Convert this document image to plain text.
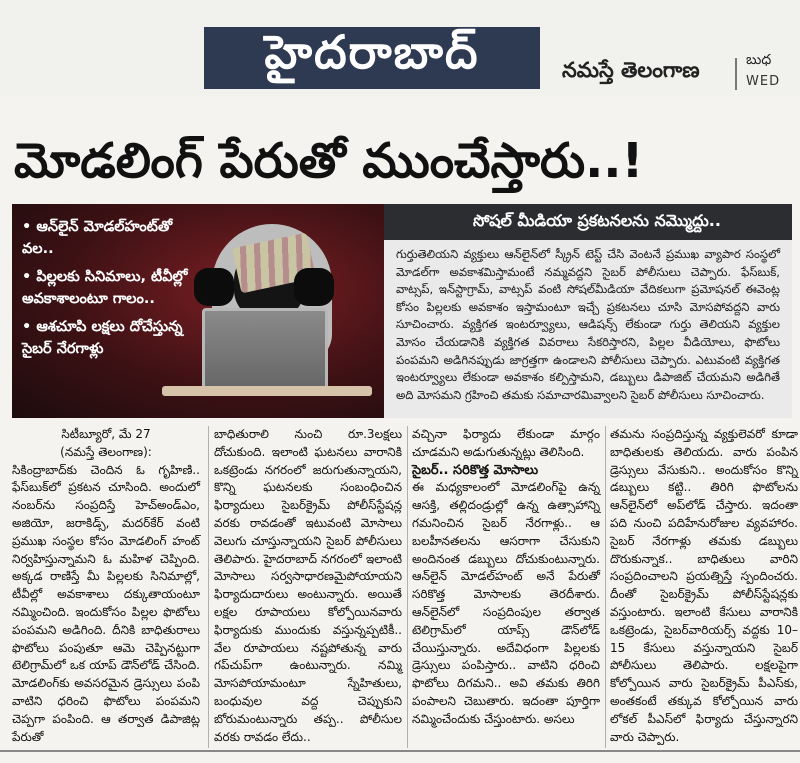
హైదరాబాద్	నమస్తే తెలంగాణ	బుధ
WED
మోడలింగ్ పేరుతో ముంచేస్తారు..!

• ఆన్‌లైన్ మోడల్‌హంట్‌తో వల..

• పిల్లలకు సినిమాలు, టీవీల్లో అవకాశాలంటూ గాలం..

• ఆశచూపి లక్షలు దోచేస్తున్న సైబర్ నేరగాళ్లు

సోషల్ మీడియా ప్రకటనలను నమ్మొద్దు..
గుర్తుతెలియని వ్యక్తులు ఆన్‌లైన్‌లో స్క్రీన్ టెస్ట్ చేసి వెంటనే ప్రముఖ వ్యాపార సంస్థలో మోడల్‌గా అవకాశమిస్తామంటే నమ్మవద్దని సైబర్ పోలీసులు చెప్పారు. ఫేస్‌బుక్, వాట్సప్, ఇన్‌స్టాగ్రామ్, వాట్సప్ వంటి సోషల్‌మీడియా వేదికలుగా ప్రమోషనల్ ఈవెంట్ల కోసం పిల్లలకు అవకాశం ఇస్తామంటూ ఇచ్చే ప్రకటనలు చూసి మోసపోవద్దని వారు సూచించారు. వ్యక్తిగత ఇంటర్వ్యూలు, ఆడిషన్స్ లేకుండా గుర్తు తెలియని వ్యక్తుల మోసం చేయడానికి వ్యక్తిగత వివరాలు సేకరిస్తారని, పిల్లల వీడియోలు, ఫొటోలు పంపమని అడిగినప్పుడు జాగ్రత్తగా ఉండాలని పోలీసులు చెప్పారు. ఎటువంటి వ్యక్తిగత ఇంటర్వ్యూలు లేకుండా అవకాశం కల్పిస్తామని, డబ్బులు డిపాజిట్ చేయమని అడిగితే అది మోసమని గ్రహించి తమకు సమాచారమివ్వాలని సైబర్ పోలీసులు సూచించారు.

సిటీబ్యూరో, మే 27

(నమస్తే తెలంగాణ):

సికింద్రాబాద్‌కు చెందిన ఓ గృహిణి.. ఫేస్‌బుక్‌లో ప్రకటన చూసింది. అందులో నంబర్‌ను సంప్రదిస్తే హెచ్‌అండ్‌ఎం, అజియో, జరాకిడ్స్, మదర్‌కేర్ వంటి ప్రముఖ సంస్థల కోసం మోడలింగ్ హంట్ నిర్వహిస్తున్నామని ఓ మహిళ చెప్పింది. అక్కడ రాణిస్తే మీ పిల్లలకు సినిమాల్లో, టీవీల్లో అవకాశాలు దక్కుతాయంటూ నమ్మించింది. ఇందుకోసం పిల్లల ఫొటోలు పంపమని అడిగింది. దీనికి బాధితురాలు ఫొటోలు పంపుతూ ఆమె చెప్పినట్టుగా టెలిగ్రామ్‌లో ఒక యాప్ డౌన్‌లోడ్ చేసింది. మోడలింగ్‌కు అవసరమైన డ్రెస్సులు పంపి వాటిని ధరించి ఫొటోలు పంపమని చెప్పగా పంపింది. ఆ తర్వాత డిపాజిట్ల పేరుతో

బాధితురాలి నుంచి రూ.3లక్షలు దోచుకుంది. ఇలాంటి ఘటనలు వారానికి ఒకట్రెండు నగరంలో జరుగుతున్నాయని, కొన్ని ఘటనలకు సంబంధించిన ఫిర్యాదులు సైబర్‌క్రైమ్ పోలీస్‌స్టేషన్ల వరకు రావడంతో ఇటువంటి మోసాలు వెలుగు చూస్తున్నాయని సైబర్ పోలీసులు తెలిపారు. హైదరాబాద్ నగరంలో ఇలాంటి మోసాలు సర్వసాధారణమైపోయాయని ఫిర్యాదుదారులు అంటున్నారు. అయితే లక్షల రూపాయలు కోల్పోయినవారు ఫిర్యాదుకు ముందుకు వస్తున్నప్పటికీ.. వేల రూపాయలు నష్టపోతున్న వారు గప్‌చుప్‌గా ఉంటున్నారు. నమ్మి మోసపోయామంటూ స్నేహితులు, బంధువుల వద్ద చెప్పుకుని బోరుమంటున్నారు తప్ప.. పోలీసుల వరకు రావడం లేదు..

వచ్చినా ఫిర్యాదు లేకుండా మార్గం చూడమని అడుగుతున్నట్లు తెలిసింది.

సైబర్.. సరికొత్త మోసాలు

ఈ మధ్యకాలంలో మోడలింగ్‌పై ఉన్న ఆసక్తి, తల్లిదండ్రుల్లో ఉన్న ఉత్సాహాన్ని గమనించిన సైబర్ నేరగాళ్లు.. ఆ బలహీనతలను ఆసరాగా చేసుకుని అందినంత డబ్బులు దోచుకుంటున్నారు. ఆన్‌లైన్ మోడల్‌హంట్ అనే పేరుతో సరికొత్త మోసాలకు తెరదీశారు. ఆన్‌లైన్‌లో సంప్రదింపుల తర్వాత టెలిగ్రామ్‌లో యాప్స్ డౌన్‌లోడ్ చేయిస్తున్నారు. అదేవిధంగా పిల్లలకు డ్రెస్సులు పంపిస్తారు.. వాటిని ధరించి ఫొటోలు దిగమని.. అవి తమకు తిరిగి పంపాలని చెబుతారు. ఇదంతా పూర్తిగా నమ్మించేందుకు చేస్తుంటారు. అసలు

తమను సంప్రదిస్తున్న వ్యక్తులెవరో కూడా బాధితులకు తెలియదు. వారు పంపిన డ్రెస్సులు వేసుకుని.. అందుకోసం కొన్ని డబ్బులు కట్టి.. తిరిగి ఫొటోలను ఆన్‌లైన్‌లో అప్‌లోడ్ చేస్తారు. ఇదంతా పది నుంచి పదిహేనురోజుల వ్యవహారం. సైబర్ నేరగాళ్లు తమకు డబ్బులు దొరుకున్నాక.. బాధితులు వారిని సంప్రదించాలని ప్రయత్నిస్తే స్పందించరు. దీంతో సైబర్‌క్రైమ్ పోలీస్‌స్టేషన్లకు వస్తుంటారు. ఇలాంటి కేసులు వారానికి ఒకట్రెండు, సైబర్‌వారియర్స్ వద్దకు 10–15 కేసులు వస్తున్నాయని సైబర్ పోలీసులు తెలిపారు. లక్షలపైగా కోల్పోయిన వారు సైబర్‌క్రైమ్ పీఎస్‌కు, అంతకంటే తక్కువ కోల్పోయిన వారు లోకల్ పీఎస్‌లో ఫిర్యాదు చేస్తున్నారని వారు చెప్పారు.
